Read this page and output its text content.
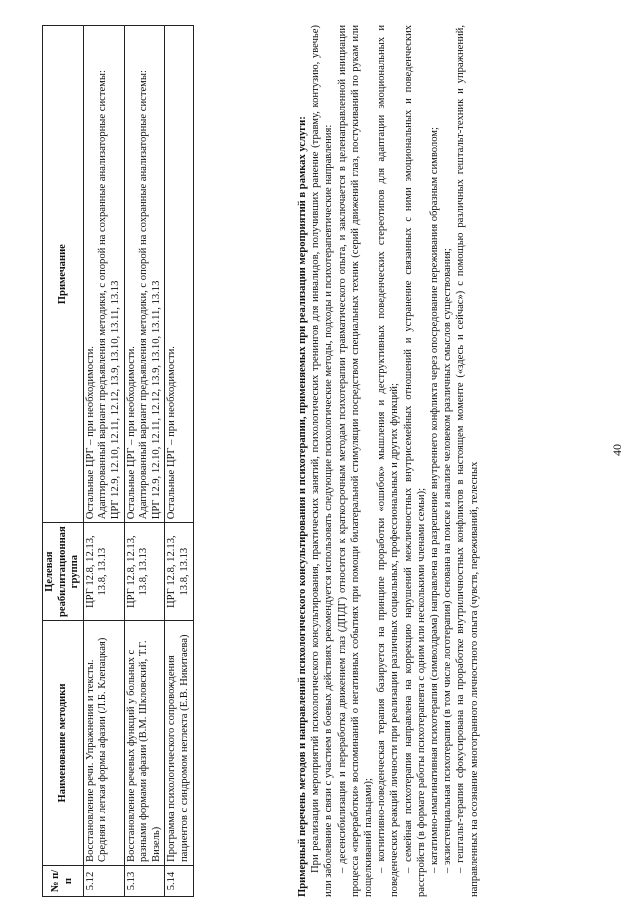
№ п/п	Наименование методики	Целевая реабилитационная группа	Примечание
5.12	Восстановление речи. Упражнения и тексты. Средняя и легкая формы афазии (Л.Б. Клепацкая)	ЦРГ 12.8, 12.13, 13.8, 13.13	Остальные ЦРГ – при необходимости. Адаптированный вариант предъявления методики, с опорой на сохранные анализаторные системы: ЦРГ 12.9, 12.10, 12.11, 12.12, 13.9, 13.10, 13.11, 13.13

5.13	Восстановление речевых функций у больных с разными формами афазии (В.М. Шкловский, Т.Г. Визель)	ЦРГ 12.8, 12.13, 13.8, 13.13	Остальные ЦРГ – при необходимости. Адаптированный вариант предъявления методики, с опорой на сохранные анализаторные системы: ЦРГ 12.9, 12.10, 12.11, 12.12, 13.9, 13.10, 13.11, 13.13

5.14	Программа психологического сопровождения пациентов с синдромом неглекта (Е.В. Никитаева)	ЦРГ 12.8, 12.13, 13.8, 13.13	Остальные ЦРГ – при необходимости.	Примерный перечень методов и направлений психологического консультирования и психотерапии, применяемых при реализации мероприятий в рамках услуги: При реализации мероприятий психологического консультирования, практических занятий, психологических тренингов для инвалидов, получивших ранение (травму, контузию, увечье) или заболевание в связи с участием в боевых действиях рекомендуется использовать следующие психологические методы, подходы и психотерапевтические направления: – десенсибилизация и переработка движением глаз (ДПДГ) относится к краткосрочным методам психотерапии травматического опыта, и заключается в целенаправленной инициации процесса «переработки» воспоминаний о негативных событиях при помощи билатеральной стимуляции посредством специальных техник (серий движений глаз, постукиваний по рукам или пощелкиваний пальцами); – когнитивно-поведенческая терапия базируется на принципе проработки «ошибок» мышления и деструктивных поведенческих стереотипов для адаптации эмоциональных и поведенческих реакций личности при реализации различных социальных, профессиональных и других функций; – семейная психотерапия направлена на коррекцию нарушений межличностных внутрисемейных отношений и устранение связанных с ними эмоциональных и поведенческих расстройств (в формате работы психотерапевта с одним или несколькими членами семьи); – кататимно-имагинативная психотерапия (символдрама) направлена на разрешение внутреннего конфликта через опосредование переживания образным символом; – экзистенциальная психотерапия (в том числе логотерапия) основана на поиске и анализе человеком различных смыслов существования; – гештальт-терапия сфокусирована на проработке внутриличностных конфликтов в настоящем моменте («здесь и сейчас») с помощью различных гештальт-техник и упражнений, направленных на осознание многогранного личностного опыта (чувств, переживаний, телесных

40
